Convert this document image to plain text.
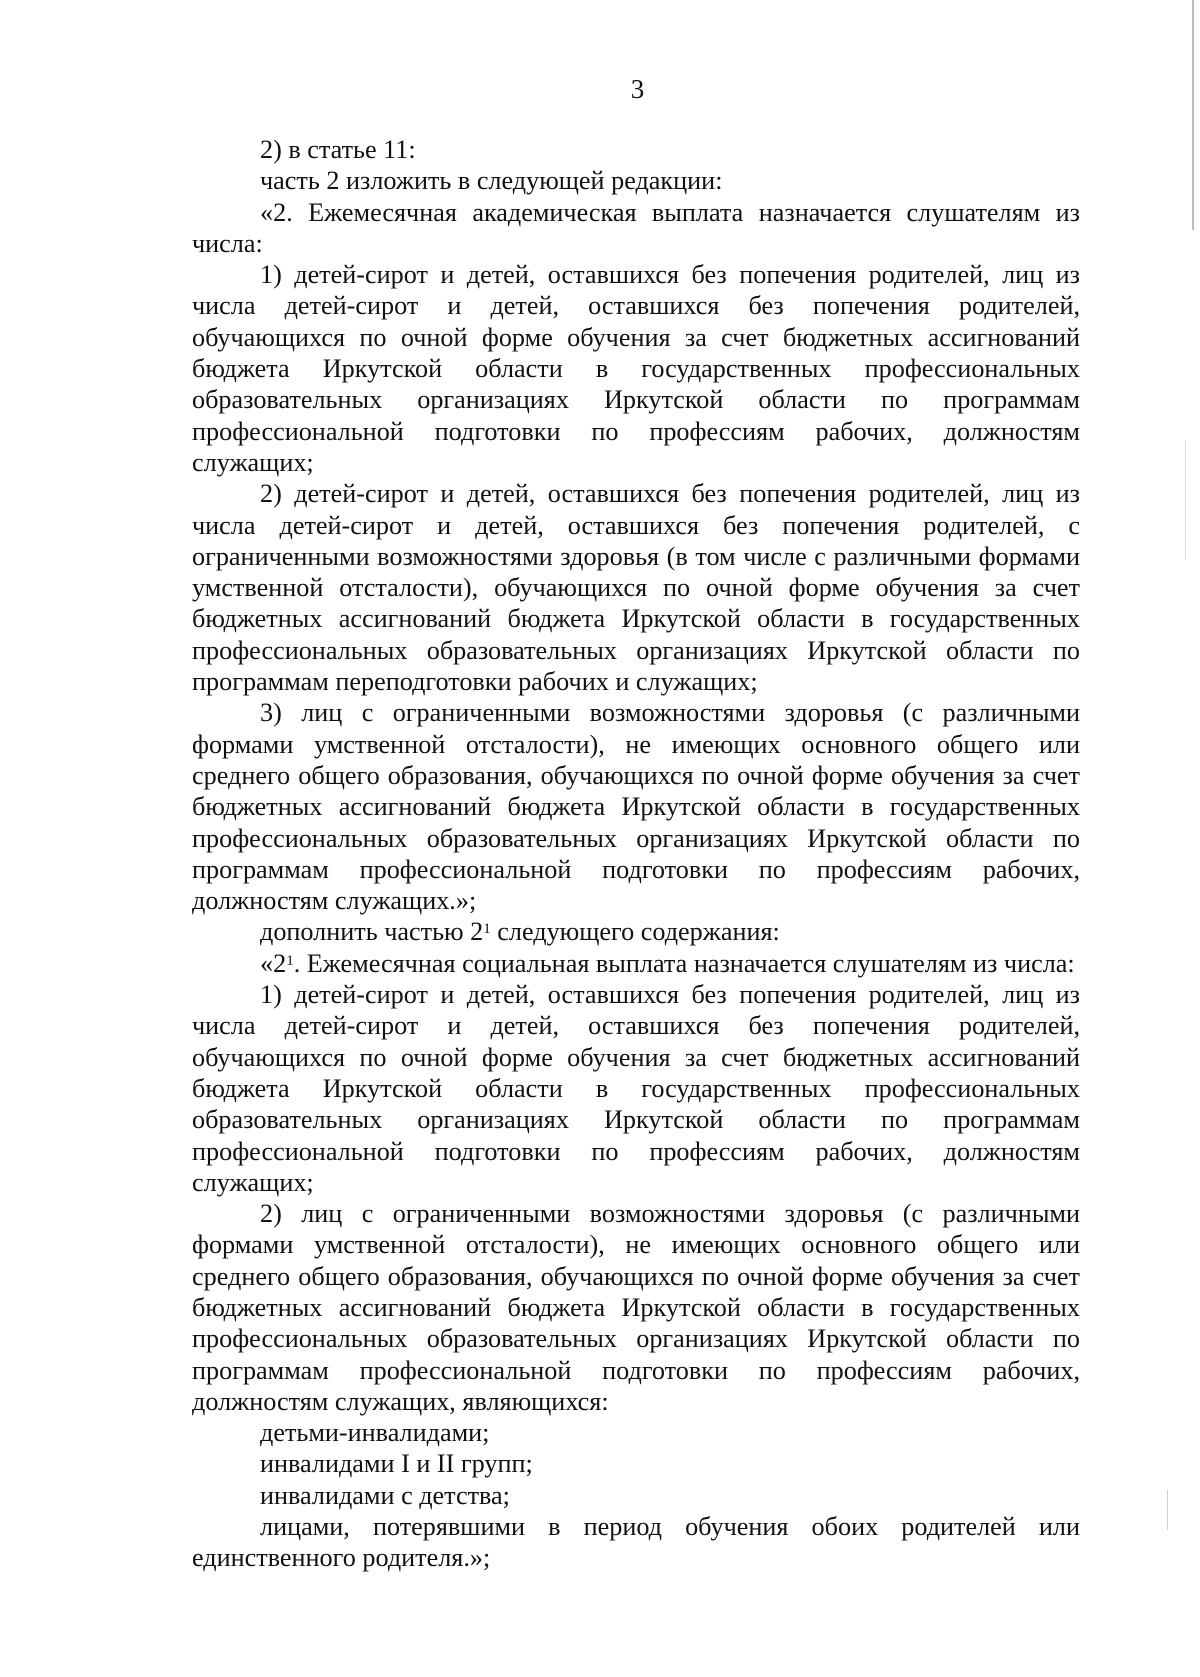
3

2) в статье 11:

часть 2 изложить в следующей редакции:

«2. Ежемесячная академическая выплата назначается слушателям из числа:

1) детей-сирот и детей, оставшихся без попечения родителей, лиц из числа детей-сирот и детей, оставшихся без попечения родителей, обучающихся по очной форме обучения за счет бюджетных ассигнований бюджета Иркутской области в государственных профессиональных образовательных организациях Иркутской области по программам профессиональной подготовки по профессиям рабочих, должностям служащих;

2) детей-сирот и детей, оставшихся без попечения родителей, лиц из числа детей-сирот и детей, оставшихся без попечения родителей, с ограниченными возможностями здоровья (в том числе с различными формами умственной отсталости), обучающихся по очной форме обучения за счет бюджетных ассигнований бюджета Иркутской области в государственных профессиональных образовательных организациях Иркутской области по программам переподготовки рабочих и служащих;

3) лиц с ограниченными возможностями здоровья (с различными формами умственной отсталости), не имеющих основного общего или среднего общего образования, обучающихся по очной форме обучения за счет бюджетных ассигнований бюджета Иркутской области в государственных профессиональных образовательных организациях Иркутской области по программам профессиональной подготовки по профессиям рабочих, должностям служащих.»;

дополнить частью $2^1$ следующего содержания:

«$2^1$. Ежемесячная социальная выплата назначается слушателям из числа:

1) детей-сирот и детей, оставшихся без попечения родителей, лиц из числа детей-сирот и детей, оставшихся без попечения родителей, обучающихся по очной форме обучения за счет бюджетных ассигнований бюджета Иркутской области в государственных профессиональных образовательных организациях Иркутской области по программам профессиональной подготовки по профессиям рабочих, должностям служащих;

2) лиц с ограниченными возможностями здоровья (с различными формами умственной отсталости), не имеющих основного общего или среднего общего образования, обучающихся по очной форме обучения за счет бюджетных ассигнований бюджета Иркутской области в государственных профессиональных образовательных организациях Иркутской области по программам профессиональной подготовки по профессиям рабочих, должностям служащих, являющихся:

детьми-инвалидами;

инвалидами I и II групп;

инвалидами с детства;

лицами, потерявшими в период обучения обоих родителей или единственного родителя.»;
